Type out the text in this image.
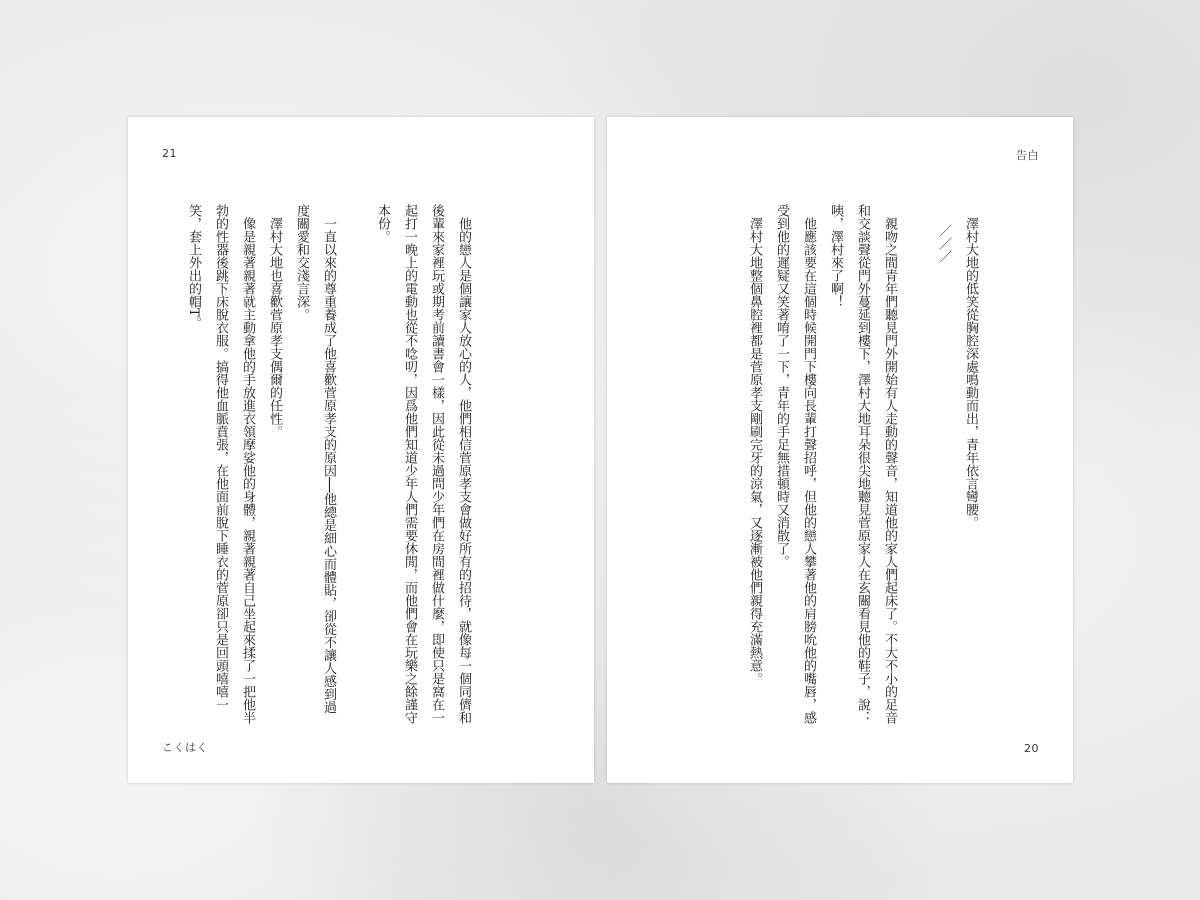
21

他的戀人是個讓家人放心的人，他們相信菅原孝支會做好所有的招待，就像每一個同儕和後輩來家裡玩或期考前讀書會一樣，因此從未過問少年們在房間裡做什麼，即使只是窩在一起打一晚上的電動也從不唸叨，因爲他們知道少年人們需要休閒，而他們會在玩樂之餘謹守本份。

一直以來的尊重養成了他喜歡菅原孝支的原因──他總是細心而體貼，卻從不讓人感到過度關愛和交淺言深。

澤村大地也喜歡菅原孝支偶爾的任性。

像是親著親著就主動拿他的手放進衣領摩娑他的身體，親著親著自己坐起來揉了一把他半勃的性器後跳下床脫衣服。搞得他血脈賁張，在他面前脫下睡衣的菅原卻只是回頭嘻嘻一笑，套上外出的帽T。

こくはく
告白

澤村大地的低笑從胸腔深處鳴動而出，青年依言彎腰。

／／／

親吻之間青年們聽見門外開始有人走動的聲音，知道他的家人們起床了。不大不小的足音和交談聲從門外蔓延到樓下，澤村大地耳朵很尖地聽見菅原家人在玄關看見他的鞋子，說：咦，澤村來了啊！

他應該要在這個時候開門下樓向長輩打聲招呼，但他的戀人攀著他的肩膀吮他的嘴唇，感受到他的遲疑又笑著唷了一下，青年的手足無措頓時又消散了。

澤村大地整個鼻腔裡都是菅原孝支剛刷完牙的涼氣，又逐漸被他們親得充滿熱意。

20
